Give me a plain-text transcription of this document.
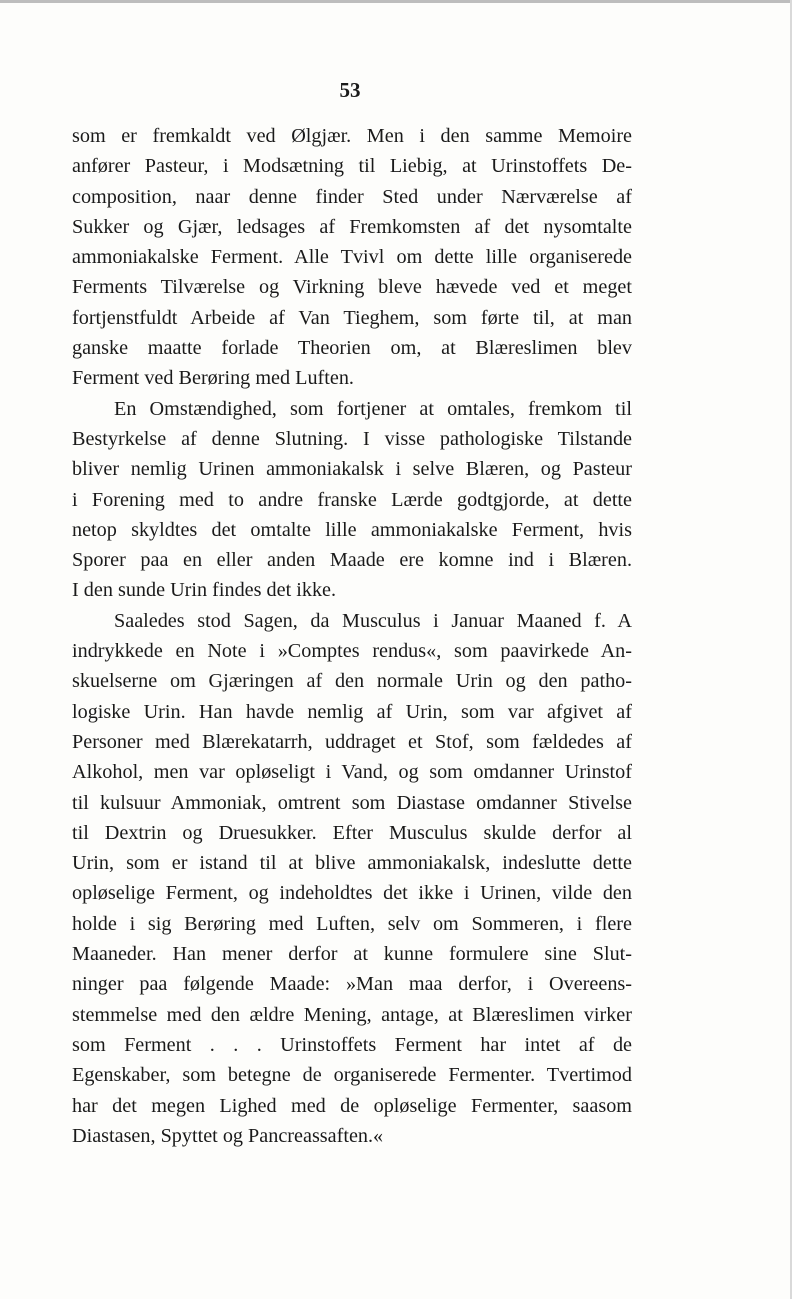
53
som er fremkaldt ved Ølgjær. Men i den samme Memoire
anfører Pasteur, i Modsætning til Liebig, at Urinstoffets De-
composition, naar denne finder Sted under Nærværelse af
Sukker og Gjær, ledsages af Fremkomsten af det nysomtalte
ammoniakalske Ferment. Alle Tvivl om dette lille organiserede
Ferments Tilværelse og Virkning bleve hævede ved et meget
fortjenstfuldt Arbeide af Van Tieghem, som førte til, at man
ganske maatte forlade Theorien om, at Blæreslimen blev
Ferment ved Berøring med Luften.
En Omstændighed, som fortjener at omtales, fremkom til
Bestyrkelse af denne Slutning. I visse pathologiske Tilstande
bliver nemlig Urinen ammoniakalsk i selve Blæren, og Pasteur
i Forening med to andre franske Lærde godtgjorde, at dette
netop skyldtes det omtalte lille ammoniakalske Ferment, hvis
Sporer paa en eller anden Maade ere komne ind i Blæren.
I den sunde Urin findes det ikke.
Saaledes stod Sagen, da Musculus i Januar Maaned f. A
indrykkede en Note i »Comptes rendus«, som paavirkede An-
skuelserne om Gjæringen af den normale Urin og den patho-
logiske Urin. Han havde nemlig af Urin, som var afgivet af
Personer med Blærekatarrh, uddraget et Stof, som fældedes af
Alkohol, men var opløseligt i Vand, og som omdanner Urinstof
til kulsuur Ammoniak, omtrent som Diastase omdanner Stivelse
til Dextrin og Druesukker. Efter Musculus skulde derfor al
Urin, som er istand til at blive ammoniakalsk, indeslutte dette
opløselige Ferment, og indeholdtes det ikke i Urinen, vilde den
holde i sig Berøring med Luften, selv om Sommeren, i flere
Maaneder. Han mener derfor at kunne formulere sine Slut-
ninger paa følgende Maade: »Man maa derfor, i Overeens-
stemmelse med den ældre Mening, antage, at Blæreslimen virker
som Ferment . . . Urinstoffets Ferment har intet af de
Egenskaber, som betegne de organiserede Fermenter. Tvertimod
har det megen Lighed med de opløselige Fermenter, saasom
Diastasen, Spyttet og Pancreassaften.«
